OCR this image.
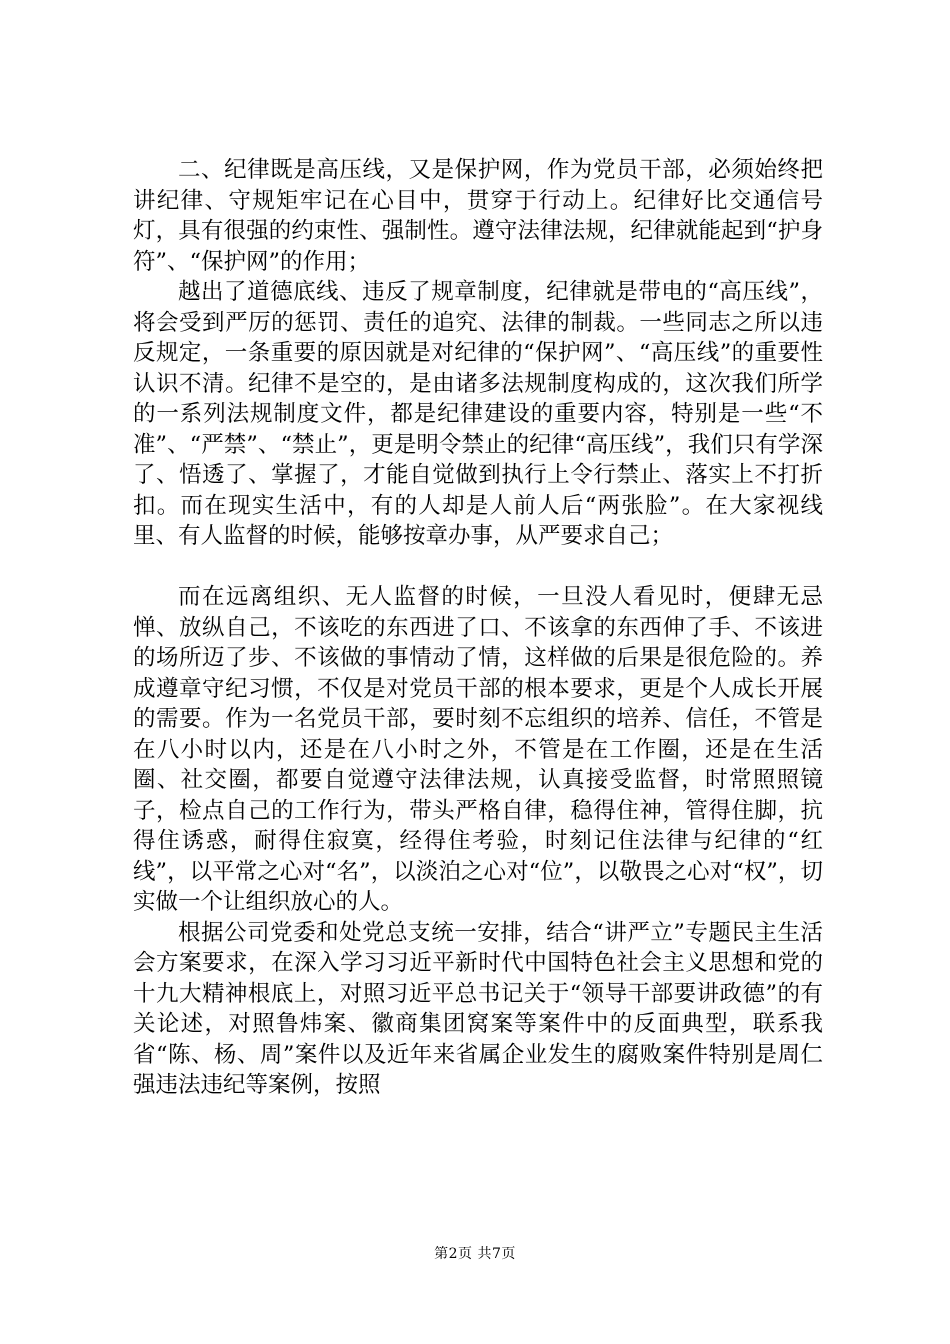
二、纪律既是高压线，又是保护网，作为党员干部，必须始终把讲纪律、守规矩牢记在心目中，贯穿于行动上。纪律好比交通信号灯，具有很强的约束性、强制性。遵守法律法规，纪律就能起到“护身符”、“保护网”的作用；

越出了道德底线、违反了规章制度，纪律就是带电的“高压线”，将会受到严厉的惩罚、责任的追究、法律的制裁。一些同志之所以违反规定，一条重要的原因就是对纪律的“保护网”、“高压线”的重要性认识不清。纪律不是空的，是由诸多法规制度构成的，这次我们所学的一系列法规制度文件，都是纪律建设的重要内容，特别是一些“不准”、“严禁”、“禁止”，更是明令禁止的纪律“高压线”，我们只有学深了、悟透了、掌握了，才能自觉做到执行上令行禁止、落实上不打折扣。而在现实生活中，有的人却是人前人后“两张脸”。在大家视线里、有人监督的时候，能够按章办事，从严要求自己；

而在远离组织、无人监督的时候，一旦没人看见时，便肆无忌惮、放纵自己，不该吃的东西进了口、不该拿的东西伸了手、不该进的场所迈了步、不该做的事情动了情，这样做的后果是很危险的。养成遵章守纪习惯，不仅是对党员干部的根本要求，更是个人成长开展的需要。作为一名党员干部，要时刻不忘组织的培养、信任，不管是在八小时以内，还是在八小时之外，不管是在工作圈，还是在生活圈、社交圈，都要自觉遵守法律法规，认真接受监督，时常照照镜子，检点自己的工作行为，带头严格自律，稳得住神，管得住脚，抗得住诱惑，耐得住寂寞，经得住考验，时刻记住法律与纪律的“红线”，以平常之心对“名”，以淡泊之心对“位”，以敬畏之心对“权”，切实做一个让组织放心的人。

根据公司党委和处党总支统一安排，结合“讲严立”专题民主生活会方案要求，在深入学习习近平新时代中国特色社会主义思想和党的十九大精神根底上，对照习近平总书记关于“领导干部要讲政德”的有关论述，对照鲁炜案、徽商集团窝案等案件中的反面典型，联系我省“陈、杨、周”案件以及近年来省属企业发生的腐败案件特别是周仁强违法违纪等案例，按照

第2页 共7页
